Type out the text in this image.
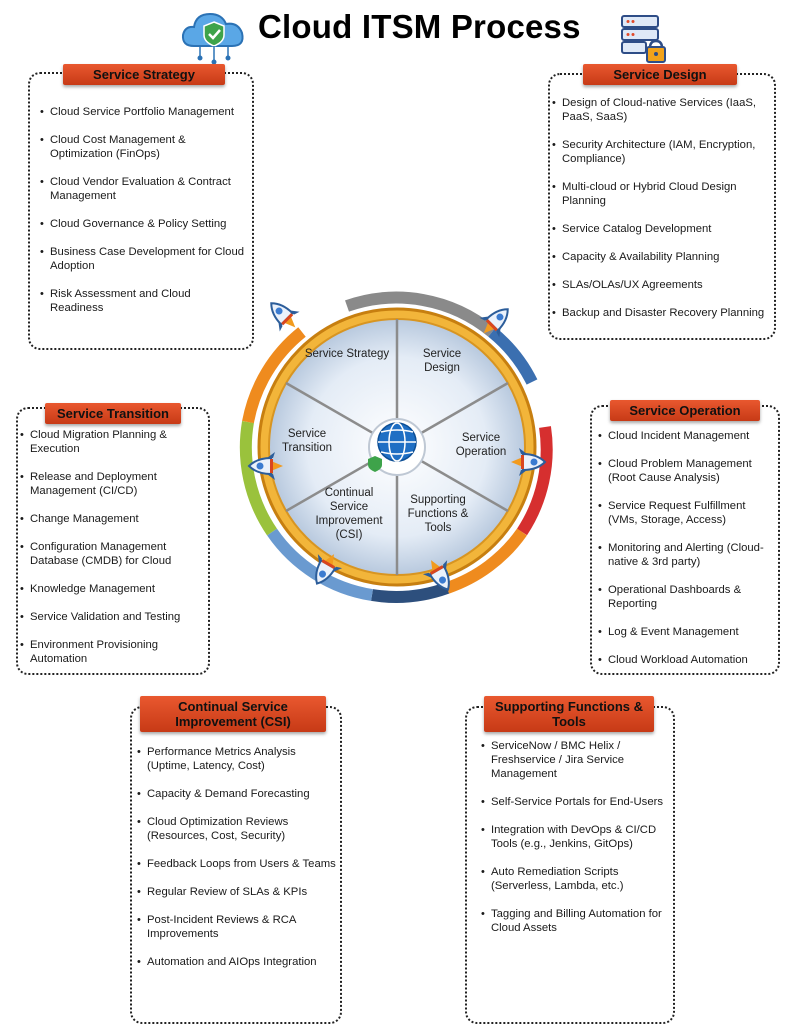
Cloud ITSM Process
Service Strategy
• Cloud Service Portfolio Management
• Cloud Cost Management & Optimization (FinOps)
• Cloud Vendor Evaluation & Contract Management
• Cloud Governance & Policy Setting
• Business Case Development for Cloud Adoption
• Risk Assessment and Cloud Readiness
Service Design
• Design of Cloud-native Services (IaaS, PaaS, SaaS)
• Security Architecture (IAM, Encryption, Compliance)
• Multi-cloud or Hybrid Cloud Design Planning
• Service Catalog Development
• Capacity & Availability Planning
• SLAs/OLAs/UX Agreements
• Backup and Disaster Recovery Planning
Service Transition
• Cloud Migration Planning & Execution
• Release and Deployment Management (CI/CD)
• Change Management
• Configuration Management Database (CMDB) for Cloud
• Knowledge Management
• Service Validation and Testing
• Environment Provisioning Automation
Service Operation
• Cloud Incident Management
• Cloud Problem Management (Root Cause Analysis)
• Service Request Fulfillment (VMs, Storage, Access)
• Monitoring and Alerting (Cloud-native & 3rd party)
• Operational Dashboards & Reporting
• Log & Event Management
• Cloud Workload Automation
Continual Service Improvement (CSI)
• Performance Metrics Analysis (Uptime, Latency, Cost)
• Capacity & Demand Forecasting
• Cloud Optimization Reviews (Resources, Cost, Security)
• Feedback Loops from Users & Teams
• Regular Review of SLAs & KPIs
• Post-Incident Reviews & RCA Improvements
• Automation and AIOps Integration
Supporting Functions & Tools
• ServiceNow / BMC Helix / Freshservice / Jira Service Management
• Self-Service Portals for End-Users
• Integration with DevOps & CI/CD Tools (e.g., Jenkins, GitOps)
• Auto Remediation Scripts (Serverless, Lambda, etc.)
• Tagging and Billing Automation for Cloud Assets
Service Strategy	Service Design
Service Operation
Supporting Functions & Tools
Continual Service Improvement (CSI)
Service Transition
